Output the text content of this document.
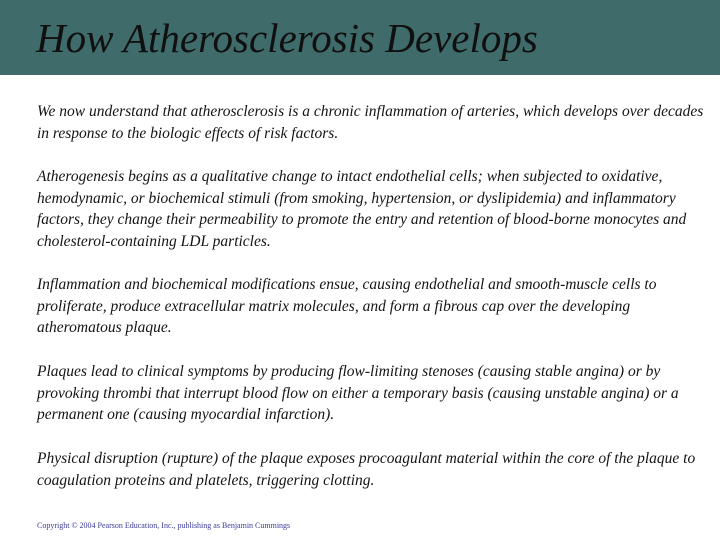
How Atherosclerosis Develops

We now understand that atherosclerosis is a chronic inflammation of arteries, which develops over decades in response to the biologic effects of risk factors.

Atherogenesis begins as a qualitative change to intact endothelial cells; when subjected to oxidative, hemodynamic, or biochemical stimuli (from smoking, hypertension, or dyslipidemia) and inflammatory factors, they change their permeability to promote the entry and retention of blood-borne monocytes and cholesterol-containing LDL particles.

Inflammation and biochemical modifications ensue, causing endothelial and smooth-muscle cells to proliferate, produce extracellular matrix molecules, and form a fibrous cap over the developing atheromatous plaque.

Plaques lead to clinical symptoms by producing flow-limiting stenoses (causing stable angina) or by provoking thrombi that interrupt blood flow on either a temporary basis (causing unstable angina) or a permanent one (causing myocardial infarction).

Physical disruption (rupture) of the plaque exposes procoagulant material within the core of the plaque to coagulation proteins and platelets, triggering clotting.

Copyright © 2004 Pearson Education, Inc., publishing as Benjamin Cummings
